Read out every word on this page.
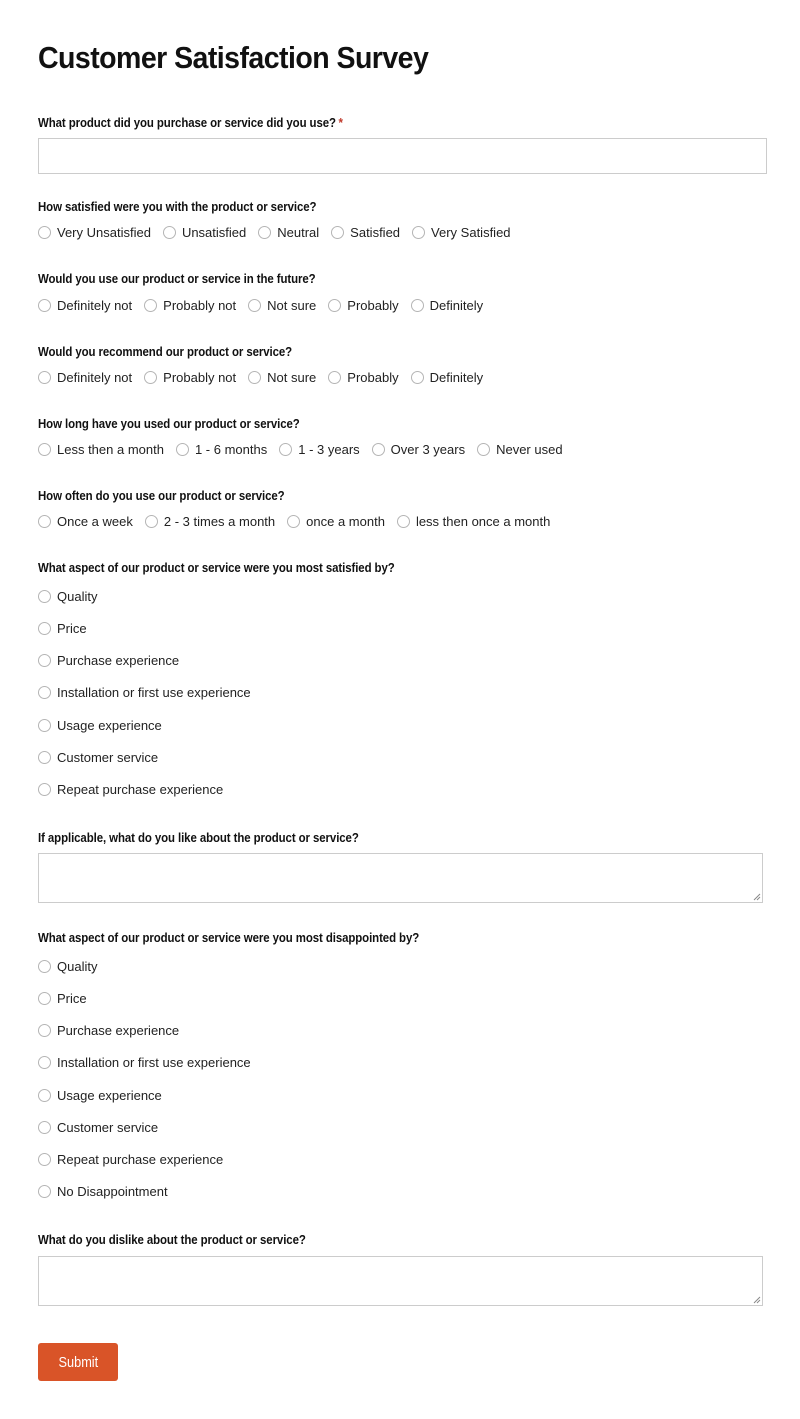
Customer Satisfaction Survey
What product did you purchase or service did you use? *
How satisfied were you with the product or service?
Very Unsatisfied Unsatisfied Neutral Satisfied Very Satisfied
Would you use our product or service in the future?
Definitely not Probably not Not sure Probably Definitely
Would you recommend our product or service?
Definitely not Probably not Not sure Probably Definitely
How long have you used our product or service?
Less then a month 1 - 6 months 1 - 3 years Over 3 years Never used
How often do you use our product or service?
Once a week 2 - 3 times a month once a month less then once a month
What aspect of our product or service were you most satisfied by?
Quality
Price
Purchase experience
Installation or first use experience
Usage experience
Customer service
Repeat purchase experience
If applicable, what do you like about the product or service?
What aspect of our product or service were you most disappointed by?
Quality
Price
Purchase experience
Installation or first use experience
Usage experience
Customer service
Repeat purchase experience
No Disappointment
What do you dislike about the product or service?
Submit
